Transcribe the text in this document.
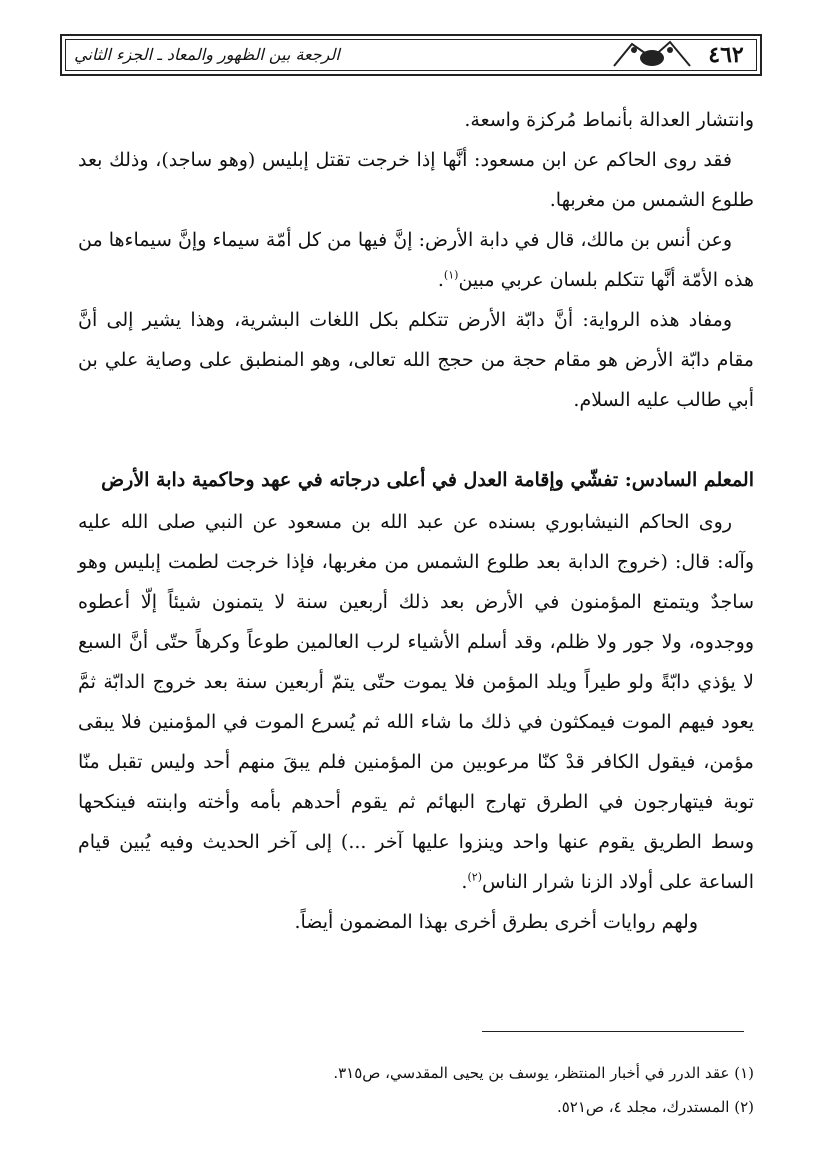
٤٦٢
الرجعة بين الظهور والمعاد ـ الجزء الثاني

وانتشار العدالة بأنماط مُركزة واسعة.

فقد روى الحاكم عن ابن مسعود: أنَّها إذا خرجت تقتل إبليس (وهو ساجد)، وذلك بعد طلوع الشمس من مغربها.

وعن أنس بن مالك، قال في دابة الأرض: إنَّ فيها من كل أمّة سيماء وإنَّ سيماءها من هذه الأمّة أنَّها تتكلم بلسان عربي مبين$^{(١)}$.

ومفاد هذه الرواية: أنَّ دابّة الأرض تتكلم بكل اللغات البشرية، وهذا يشير إلى أنَّ مقام دابّة الأرض هو مقام حجة من حجج الله تعالى، وهو المنطبق على وصاية علي بن أبي طالب عليه السلام.

المعلم السادس: تفشّي وإقامة العدل في أعلى درجاته في عهد وحاكمية دابة الأرض

روى الحاكم النيشابوري بسنده عن عبد الله بن مسعود عن النبي صلى الله عليه وآله: قال: (خروج الدابة بعد طلوع الشمس من مغربها، فإذا خرجت لطمت إبليس وهو ساجدٌ ويتمتع المؤمنون في الأرض بعد ذلك أربعين سنة لا يتمنون شيئاً إلّا أعطوه ووجدوه، ولا جور ولا ظلم، وقد أسلم الأشياء لرب العالمين طوعاً وكرهاً حتّى أنَّ السبع لا يؤذي دابّةً ولو طيراً ويلد المؤمن فلا يموت حتّى يتمّ أربعين سنة بعد خروج الدابّة ثمَّ يعود فيهم الموت فيمكثون في ذلك ما شاء الله ثم يُسرع الموت في المؤمنين فلا يبقى مؤمن، فيقول الكافر قدْ كنّا مرعوبين من المؤمنين فلم يبقَ منهم أحد وليس تقبل منّا توبة فيتهارجون في الطرق تهارج البهائم ثم يقوم أحدهم بأمه وأخته وابنته فينكحها وسط الطريق يقوم عنها واحد وينزوا عليها آخر ...) إلى آخر الحديث وفيه يُبين قيام الساعة على أولاد الزنا شرار الناس$^{(٢)}$.

ولهم روايات أخرى بطرق أخرى بهذا المضمون أيضاً.

(١) عقد الدرر في أخبار المنتظر، يوسف بن يحيى المقدسي، ص٣١٥.

(٢) المستدرك، مجلد ٤، ص٥٢١.
